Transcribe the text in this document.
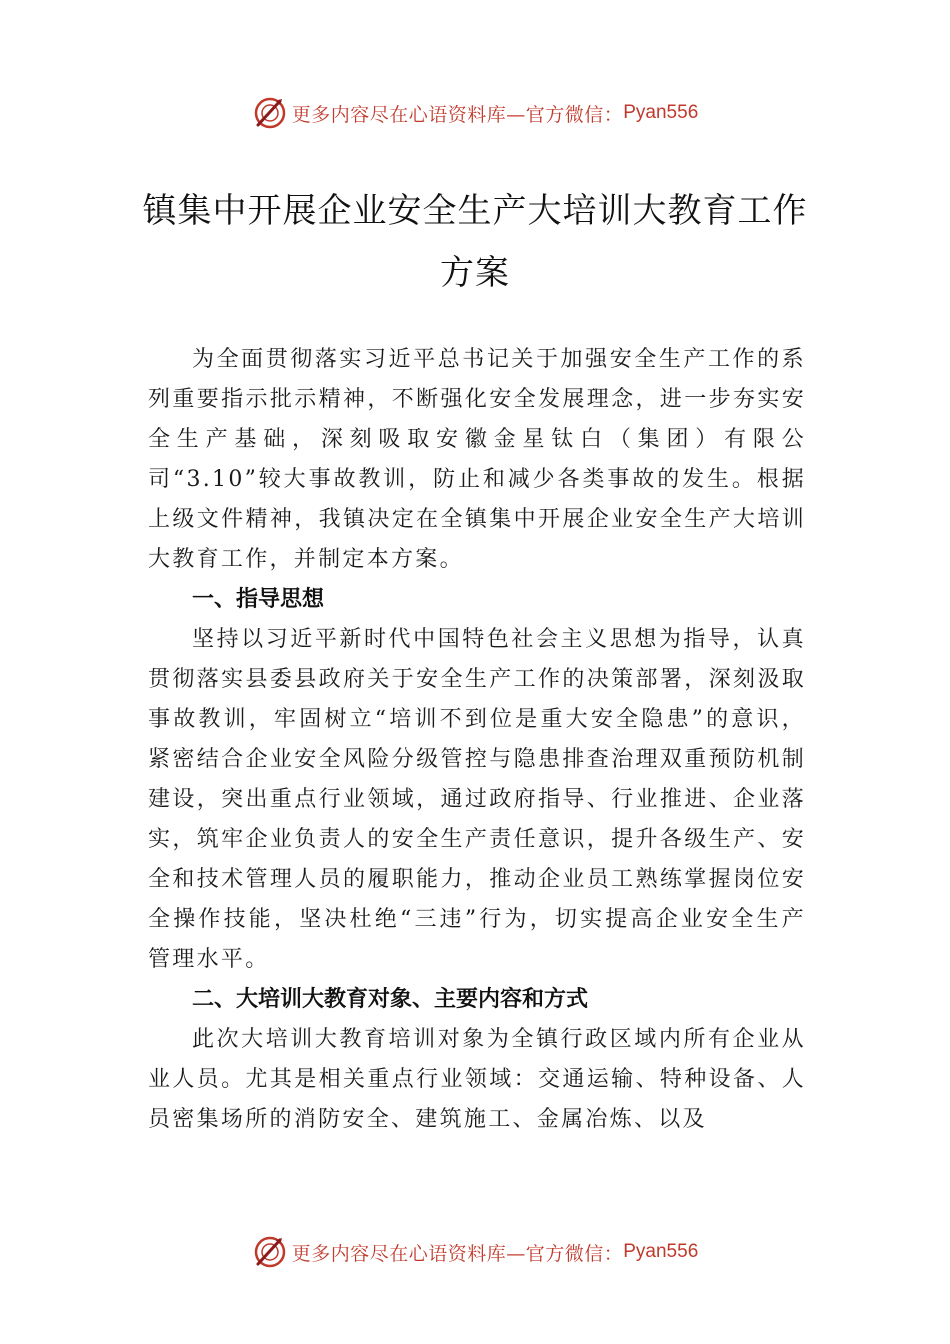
更多内容尽在心语资料库—官方微信： Pyan556
镇集中开展企业安全生产大培训大教育工作方案

为全面贯彻落实习近平总书记关于加强安全生产工作的系列重要指示批示精神，不断强化安全发展理念，进一步夯实安全生产基础，深刻吸取安徽金星钛白（集团）有限公司“3.10”较大事故教训，防止和减少各类事故的发生。根据上级文件精神，我镇决定在全镇集中开展企业安全生产大培训大教育工作，并制定本方案。

一、指导思想

坚持以习近平新时代中国特色社会主义思想为指导，认真贯彻落实县委县政府关于安全生产工作的决策部署，深刻汲取事故教训，牢固树立“培训不到位是重大安全隐患”的意识，紧密结合企业安全风险分级管控与隐患排查治理双重预防机制建设，突出重点行业领域，通过政府指导、行业推进、企业落实，筑牢企业负责人的安全生产责任意识，提升各级生产、安全和技术管理人员的履职能力，推动企业员工熟练掌握岗位安全操作技能，坚决杜绝“三违”行为，切实提高企业安全生产管理水平。

二、大培训大教育对象、主要内容和方式

此次大培训大教育培训对象为全镇行政区域内所有企业从业人员。尤其是相关重点行业领域：交通运输、特种设备、人员密集场所的消防安全、建筑施工、金属冶炼、以及

更多内容尽在心语资料库—官方微信： Pyan556
